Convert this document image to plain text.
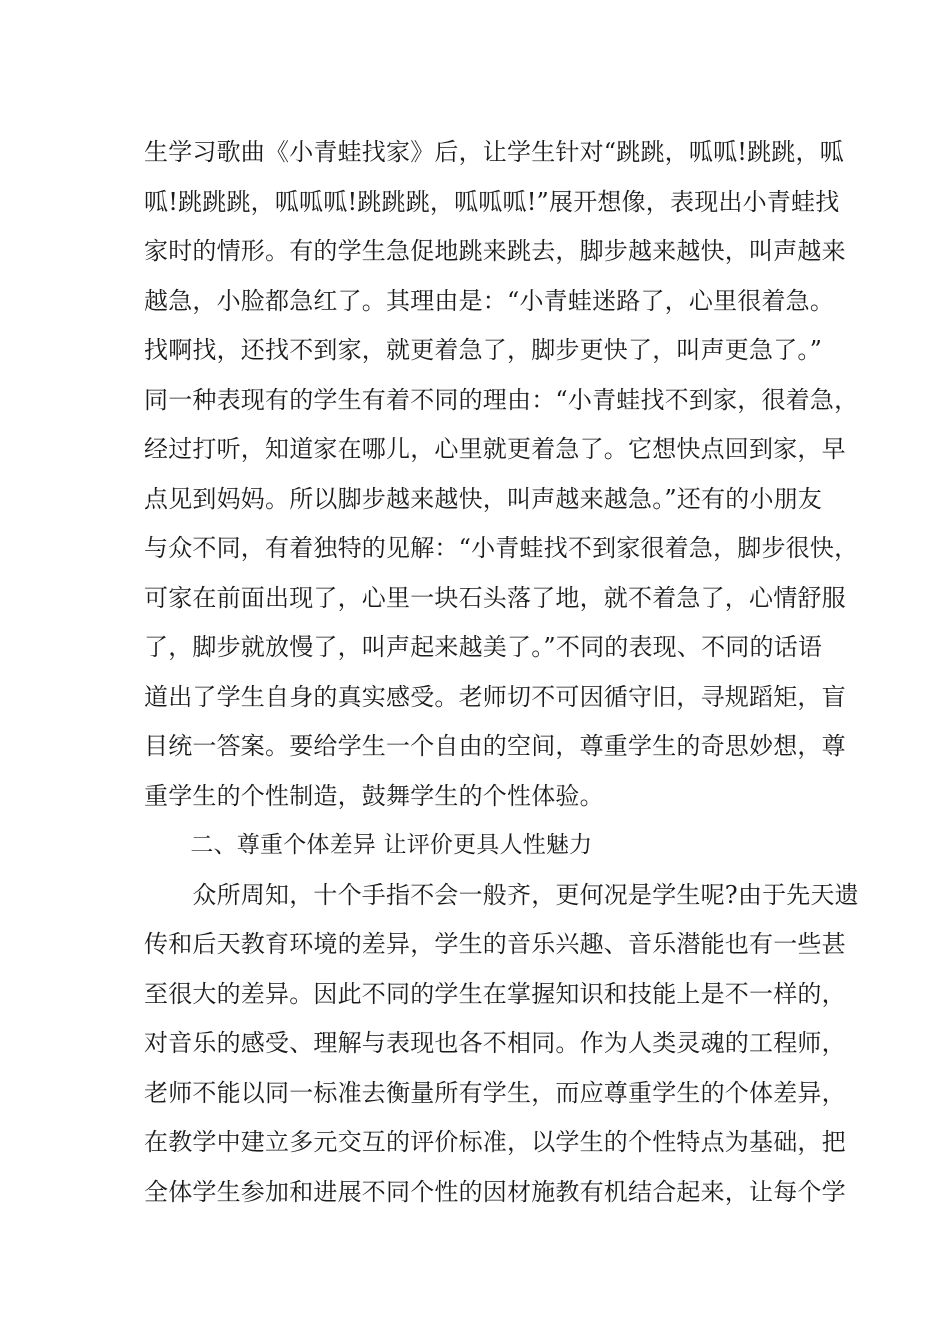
生学习歌曲《小青蛙找家》后，让学生针对“跳跳，呱呱!跳跳，呱
呱!跳跳跳，呱呱呱!跳跳跳，呱呱呱!”展开想像，表现出小青蛙找
家时的情形。有的学生急促地跳来跳去，脚步越来越快，叫声越来
越急，小脸都急红了。其理由是：“小青蛙迷路了，心里很着急。
找啊找，还找不到家，就更着急了，脚步更快了，叫声更急了。”
同一种表现有的学生有着不同的理由：“小青蛙找不到家，很着急，
经过打听，知道家在哪儿，心里就更着急了。它想快点回到家，早
点见到妈妈。所以脚步越来越快，叫声越来越急。”还有的小朋友
与众不同，有着独特的见解：“小青蛙找不到家很着急，脚步很快，
可家在前面出现了，心里一块石头落了地，就不着急了，心情舒服
了，脚步就放慢了，叫声起来越美了。”不同的表现、不同的话语
道出了学生自身的真实感受。老师切不可因循守旧，寻规蹈矩，盲
目统一答案。要给学生一个自由的空间，尊重学生的奇思妙想，尊
重学生的个性制造，鼓舞学生的个性体验。
　　二、尊重个体差异 让评价更具人性魅力
　　众所周知，十个手指不会一般齐，更何况是学生呢?由于先天遗
传和后天教育环境的差异，学生的音乐兴趣、音乐潜能也有一些甚
至很大的差异。因此不同的学生在掌握知识和技能上是不一样的，
对音乐的感受、理解与表现也各不相同。作为人类灵魂的工程师，
老师不能以同一标准去衡量所有学生，而应尊重学生的个体差异，
在教学中建立多元交互的评价标准，以学生的个性特点为基础，把
全体学生参加和进展不同个性的因材施教有机结合起来，让每个学
